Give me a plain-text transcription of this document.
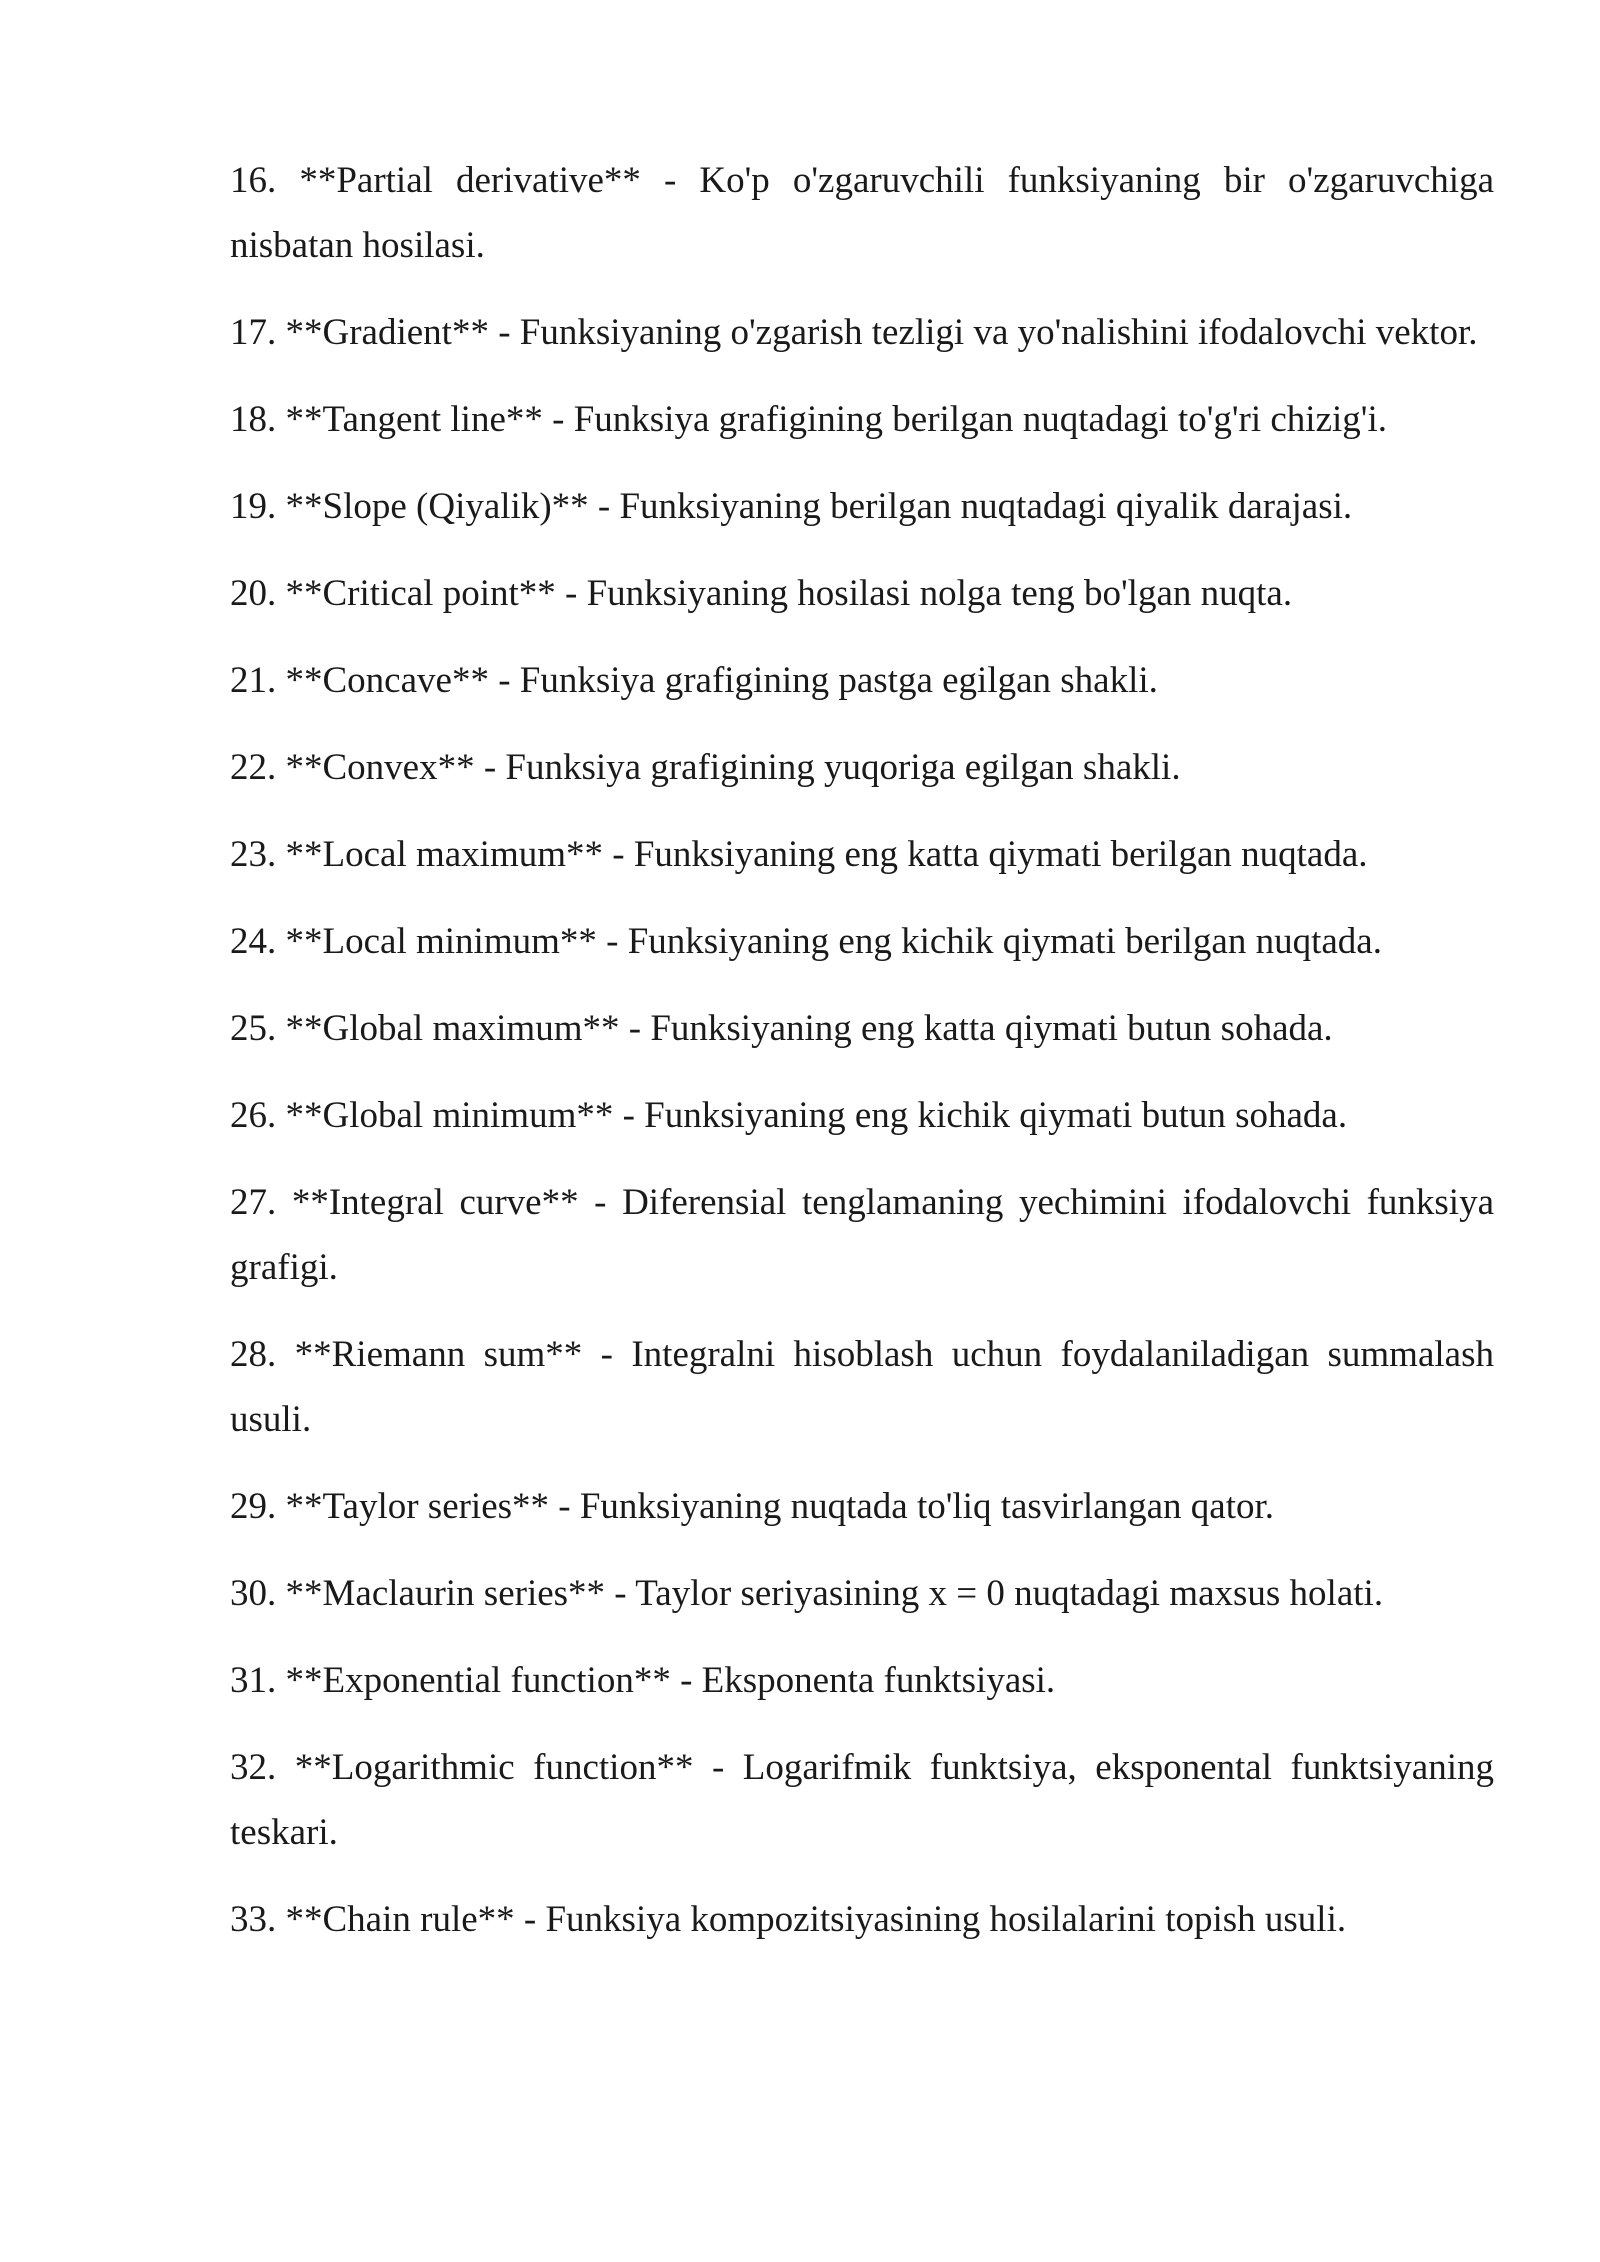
16. **Partial derivative** - Ko'p o'zgaruvchili funksiyaning bir o'zgaruvchiga nisbatan hosilasi.

17. **Gradient** - Funksiyaning o'zgarish tezligi va yo'nalishini ifodalovchi vektor.

18. **Tangent line** - Funksiya grafigining berilgan nuqtadagi to'g'ri chizig'i.

19. **Slope (Qiyalik)** - Funksiyaning berilgan nuqtadagi qiyalik darajasi.

20. **Critical point** - Funksiyaning hosilasi nolga teng bo'lgan nuqta.

21. **Concave** - Funksiya grafigining pastga egilgan shakli.

22. **Convex** - Funksiya grafigining yuqoriga egilgan shakli.

23. **Local maximum** - Funksiyaning eng katta qiymati berilgan nuqtada.

24. **Local minimum** - Funksiyaning eng kichik qiymati berilgan nuqtada.

25. **Global maximum** - Funksiyaning eng katta qiymati butun sohada.

26. **Global minimum** - Funksiyaning eng kichik qiymati butun sohada.

27. **Integral curve** - Diferensial tenglamaning yechimini ifodalovchi funksiya grafigi.

28. **Riemann sum** - Integralni hisoblash uchun foydalaniladigan summalash usuli.

29. **Taylor series** - Funksiyaning nuqtada to'liq tasvirlangan qator.

30. **Maclaurin series** - Taylor seriyasining x = 0 nuqtadagi maxsus holati.

31. **Exponential function** - Eksponenta funktsiyasi.

32. **Logarithmic function** - Logarifmik funktsiya, eksponental funktsiyaning teskari.

33. **Chain rule** - Funksiya kompozitsiyasining hosilalarini topish usuli.
